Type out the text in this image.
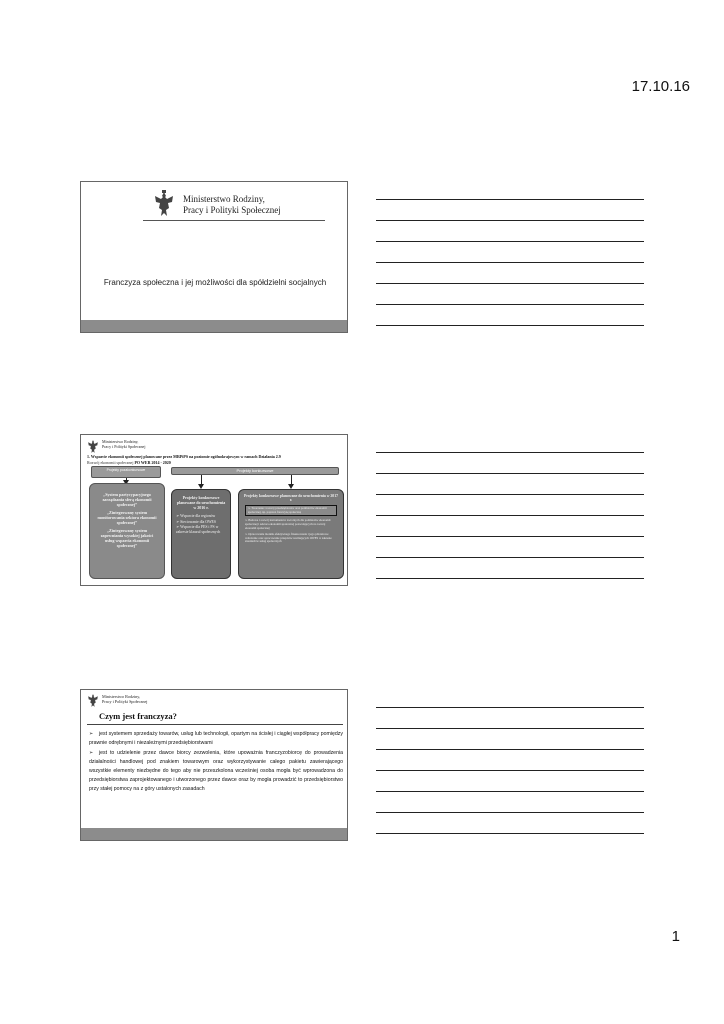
17.10.16
Ministerstwo Rodziny,
Pracy i Polityki Społecznej
Franczyza społeczna i jej możliwości dla spółdzielni socjalnych
Ministerstwo Rodziny,
Pracy i Polityki Społecznej
1. Wsparcie ekonomii społecznej planowane przez MRPiPS na poziomie ogólnokrajowym w ramach Działania 2.9
Rozwój ekonomii społecznej PO WER 2014 - 2020
Projekty pozakonkursowe	Projekty konkursowe

„System partycypacyjnego zarządzania sferą ekonomii społecznej”

„Zintegrowany system monitorowania sektora ekonomii społecznej”

„Zintegrowany system zapewniania wysokiej jakości usług wsparcia ekonomii społecznej”

Projekty konkursowe planowane do uruchomienia w 2016 r.
➢ Wsparcie dla regionów
➢ Sieciowanie dla OWES
➢ Wsparcie dla PES i PS w zakresie klauzul społecznych
Projekty konkursowe planowane do uruchomienia w 2017 r.
➢ Tworzenie i rozwój przedsiębiorstw oraz podmiotów ekonomii społecznej, np. poprzez franczyzę społeczną
➢ Budowa i rozwój instrumentów zwrotnych dla podmiotów ekonomii społecznej i sektora ekonomii społecznej pozwalających na rozwój ekonomii społecznej
➢ Opracowanie modelu efektywnego finansowania i jego pilotażowe wdrożenie oraz opracowanie przepisów normujących OWES w zakresie standardów usług społecznych
Ministerstwo Rodziny,
Pracy i Polityki Społecznej
Czym jest franczyza?
➢ jest systemem sprzedaży towarów, usług lub technologii, opartym na ścisłej i ciągłej współpracy pomiędzy prawnie odrębnymi i niezależnymi przedsiębiorstwami
➢ jest to udzielenie przez dawce biorcy zezwolenia, które upoważnia franczyzobiorcę do prowadzenia działalności handlowej pod znakiem towarowym oraz wykorzystywanie całego pakietu zawierającego wszystkie elementy niezbędne do tego aby nie przeszkolona wcześniej osoba mogła być wprowadzona do przedsiębiorstwa zaprojektowanego i utworzonego przez dawce oraz by mogła prowadzić to przedsiębiorstwo przy stałej pomocy na z góry ustalonych zasadach
1
